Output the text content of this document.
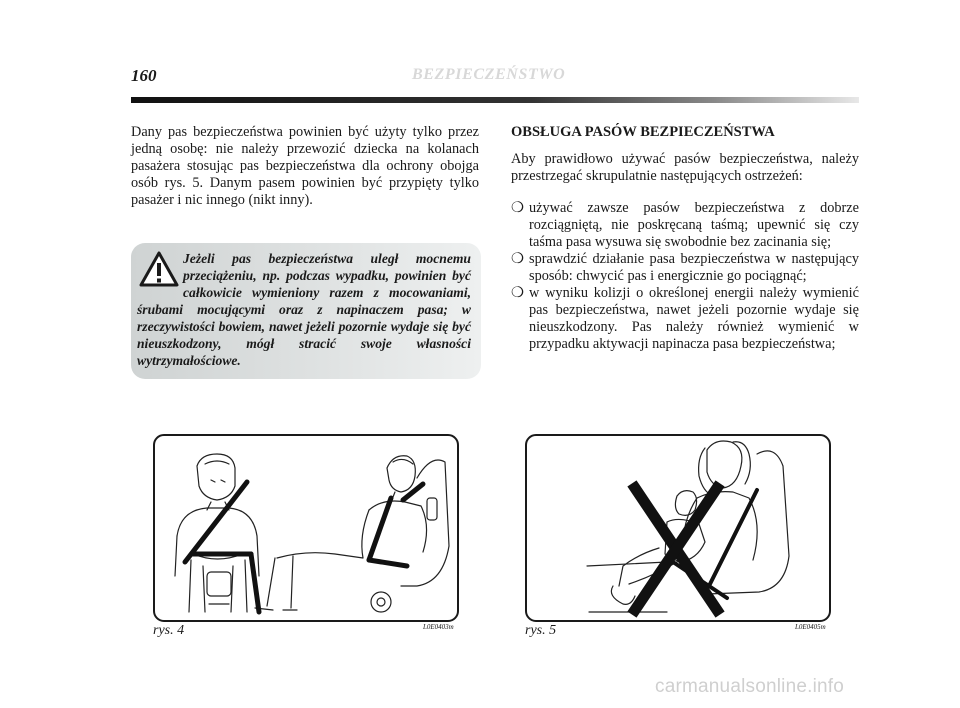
160	BEZPIECZEŃSTWO
Dany pas bezpieczeństwa powinien być użyty tylko przez jedną osobę: nie należy przewozić dziecka na kolanach pasażera stosując pas bezpieczeństwa dla ochrony obojga osób rys. 5. Danym pasem powinien być przypięty tylko pasażer i nic innego (nikt inny).
Jeżeli pas bezpieczeństwa uległ mocnemu przeciążeniu, np. podczas wypadku, powinien być całkowicie wymieniony razem z mocowaniami, śrubami mocującymi oraz z napinaczem pasa; w rzeczywistości bowiem, nawet jeżeli pozornie wydaje się być nieuszkodzony, mógł stracić swoje własności wytrzymałościowe.
OBSŁUGA PASÓW BEZPIECZEŃSTWA
Aby prawidłowo używać pasów bezpieczeństwa, należy przestrzegać skrupulatnie następujących ostrzeżeń:
❍ używać zawsze pasów bezpieczeństwa z dobrze rozciągniętą, nie poskręcaną taśmą; upewnić się czy taśma pasa wysuwa się swobodnie bez zacinania się;
❍ sprawdzić działanie pasa bezpieczeństwa w następujący sposób: chwycić pas i energicznie go pociągnąć;
❍ w wyniku kolizji o określonej energii należy wymienić pas bezpieczeństwa, nawet jeżeli pozornie wydaje się nieuszkodzony. Pas należy również wymienić w przypadku aktywacji napinacza pasa bezpieczeństwa;
rys. 4	L0E0403m	rys. 5	L0E0405m
carmanualsonline.info
